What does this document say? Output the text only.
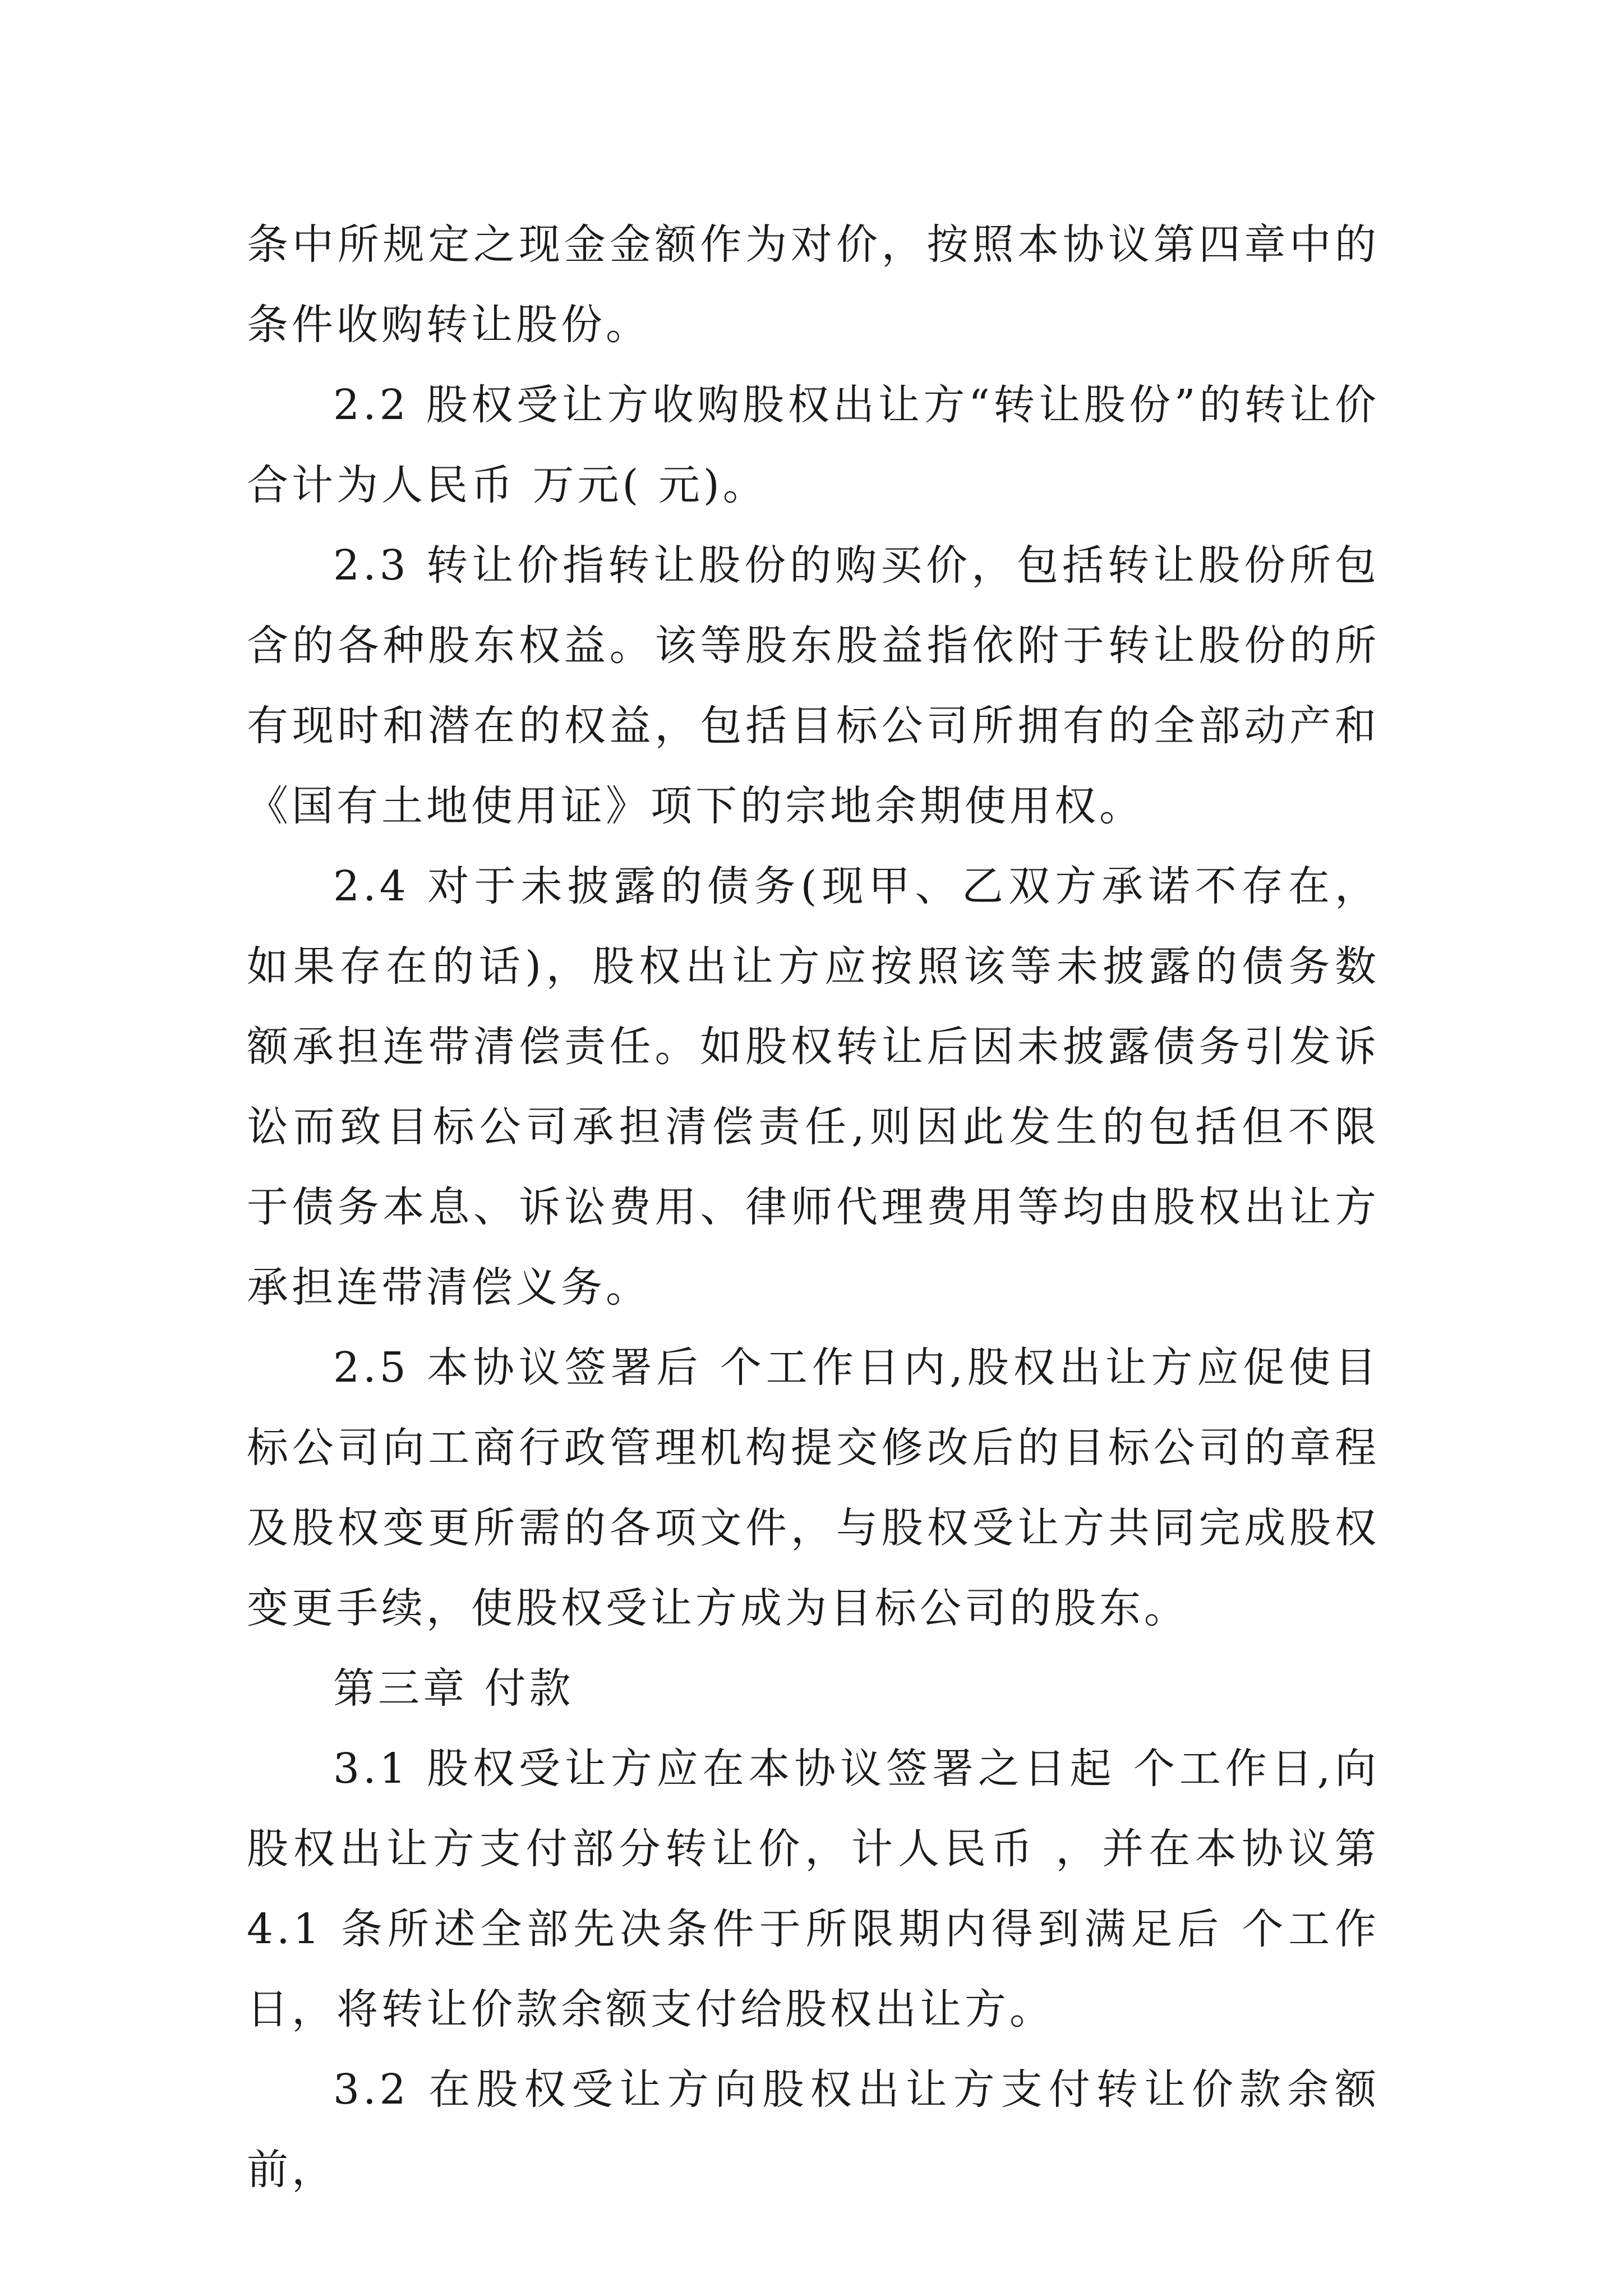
条中所规定之现金金额作为对价，按照本协议第四章中的条件收购转让股份。

2.2 股权受让方收购股权出让方“转让股份”的转让价合计为人民币 万元( 元)。

2.3 转让价指转让股份的购买价，包括转让股份所包含的各种股东权益。该等股东股益指依附于转让股份的所有现时和潜在的权益，包括目标公司所拥有的全部动产和《国有土地使用证》项下的宗地余期使用权。

2.4 对于未披露的债务(现甲、乙双方承诺不存在，如果存在的话)，股权出让方应按照该等未披露的债务数额承担连带清偿责任。如股权转让后因未披露债务引发诉讼而致目标公司承担清偿责任,则因此发生的包括但不限于债务本息、诉讼费用、律师代理费用等均由股权出让方承担连带清偿义务。

2.5 本协议签署后 个工作日内,股权出让方应促使目标公司向工商行政管理机构提交修改后的目标公司的章程及股权变更所需的各项文件，与股权受让方共同完成股权变更手续，使股权受让方成为目标公司的股东。

第三章 付款

3.1 股权受让方应在本协议签署之日起 个工作日,向股权出让方支付部分转让价，计人民币 ，并在本协议第 4.1 条所述全部先决条件于所限期内得到满足后 个工作日，将转让价款余额支付给股权出让方。

3.2 在股权受让方向股权出让方支付转让价款余额前，
